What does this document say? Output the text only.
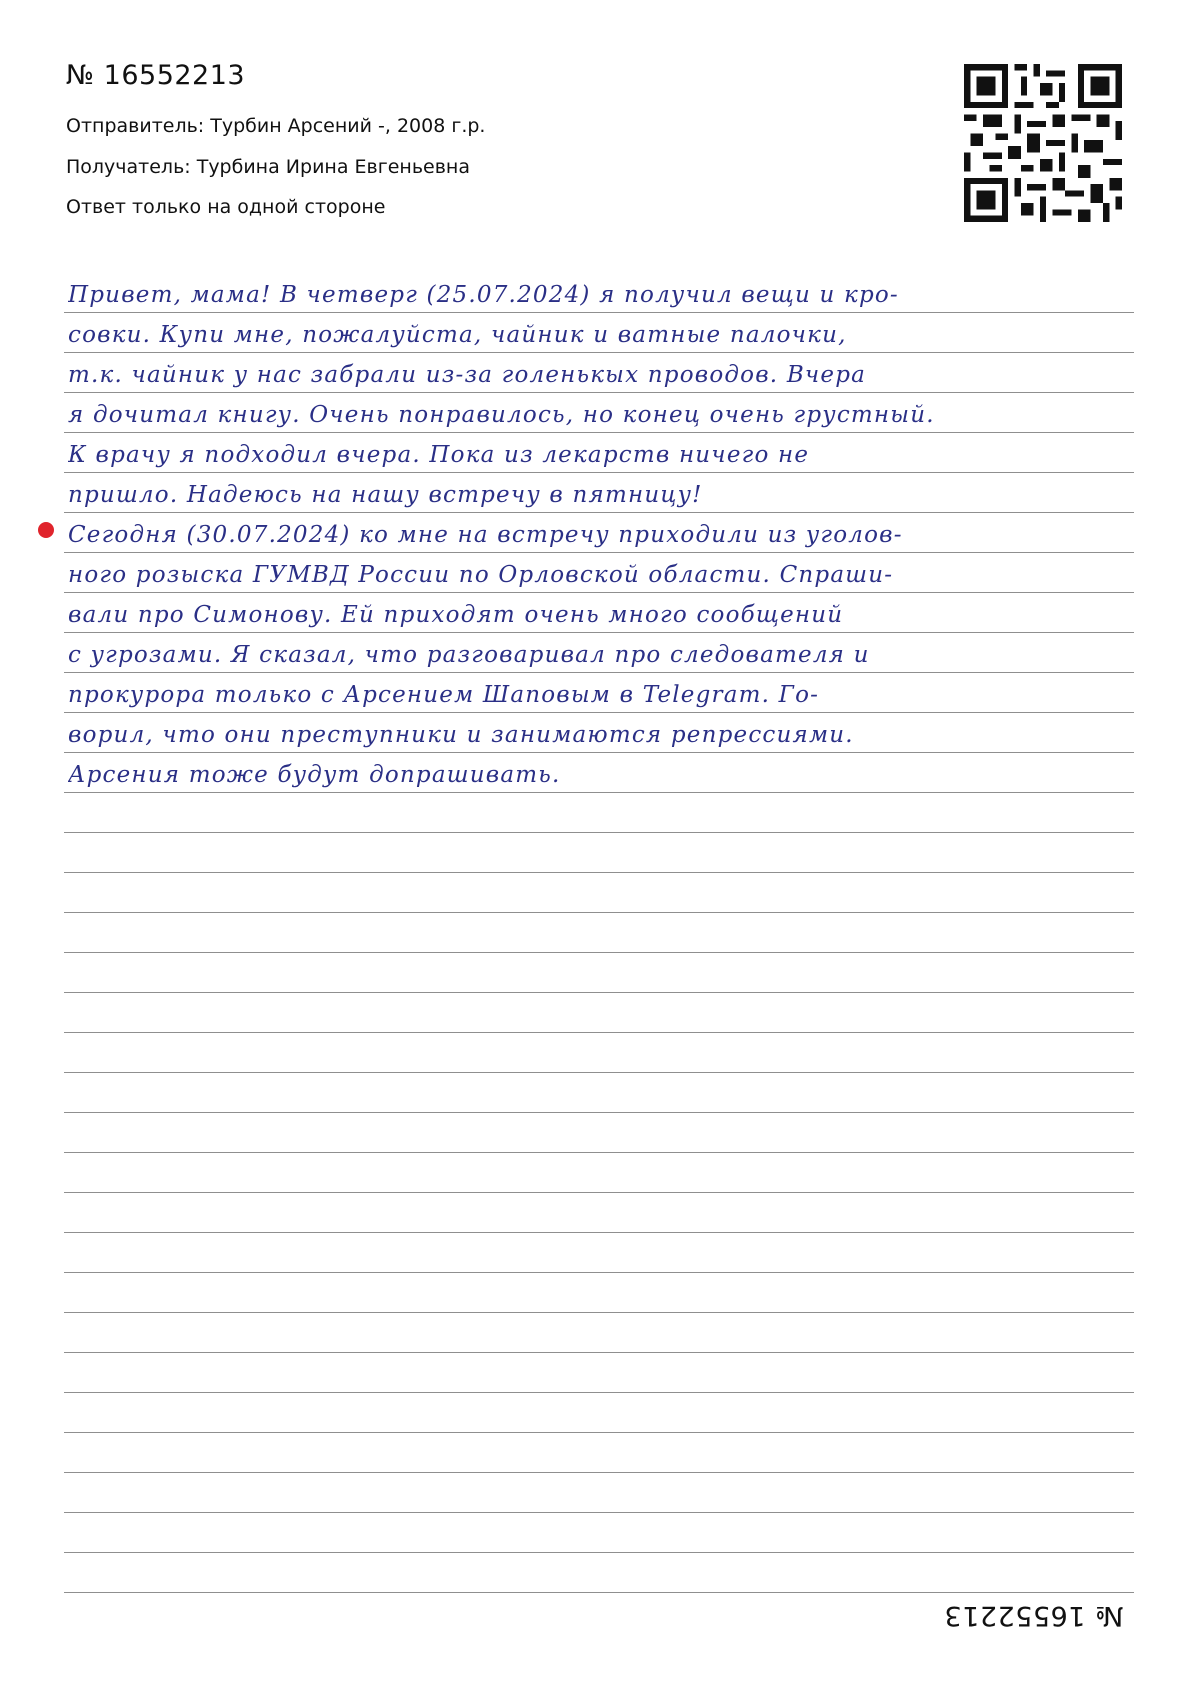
№ 16552213
Отправитель: Турбин Арсений -, 2008 г.р.
Получатель: Турбина Ирина Евгеньевна
Ответ только на одной стороне
Привет, мама! В четверг (25.07.2024) я получил вещи и кро-
совки. Купи мне, пожалуйста, чайник и ватные палочки,
т.к. чайник у нас забрали из-за голенькых проводов. Вчера
я дочитал книгу. Очень понравилось, но конец очень грустный.
К врачу я подходил вчера. Пока из лекарств ничего не
пришло. Надеюсь на нашу встречу в пятницу!
Сегодня (30.07.2024) ко мне на встречу приходили из уголов-
ного розыска ГУМВД России по Орловской области. Спраши-
вали про Симонову. Ей приходят очень много сообщений
с угрозами. Я сказал, что разговаривал про следователя и
прокурора только с Арсением Шаповым в Telegram. Го-
ворил, что они преступники и занимаются репрессиями.
Арсения тоже будут допрашивать.
№ 16552213
